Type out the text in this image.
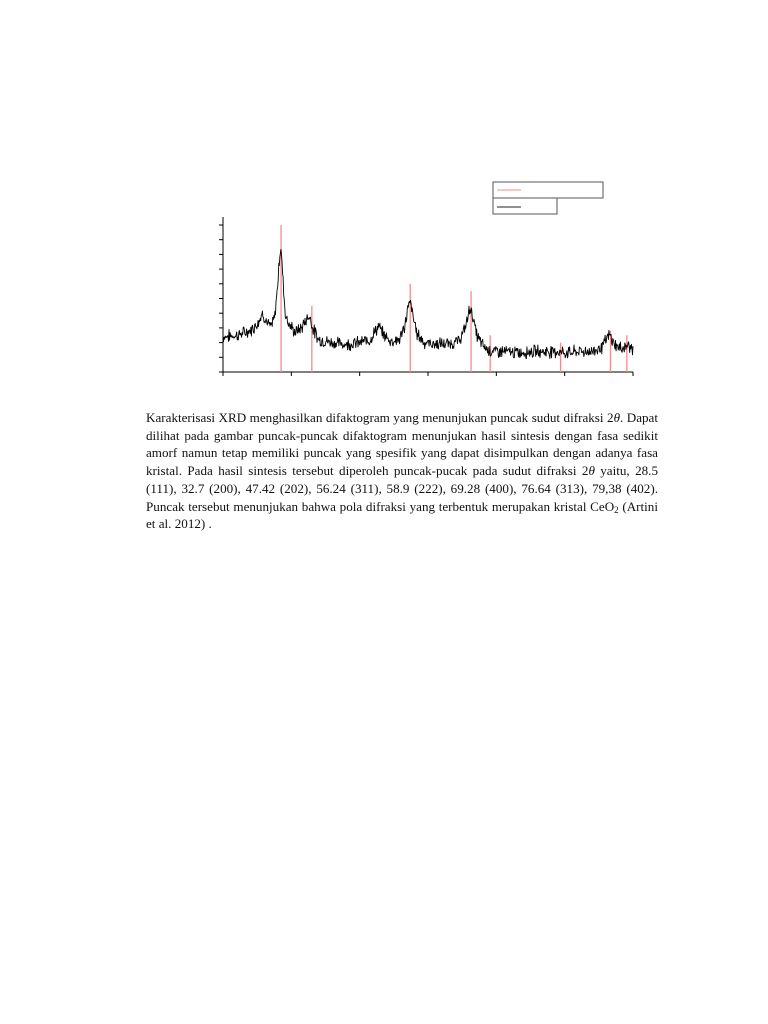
Karakterisasi XRD menghasilkan difaktogram yang menunjukan puncak sudut difraksi 2θ. Dapat dilihat pada gambar puncak-puncak difaktogram menunjukan hasil sintesis dengan fasa sedikit amorf namun tetap memiliki puncak yang spesifik yang dapat disimpulkan dengan adanya fasa kristal. Pada hasil sintesis tersebut diperoleh puncak-pucak pada sudut difraksi 2θ yaitu, 28.5 (111), 32.7 (200), 47.42 (202), 56.24 (311), 58.9 (222), 69.28 (400), 76.64 (313), 79,38 (402). Puncak tersebut menunjukan bahwa pola difraksi yang terbentuk merupakan kristal CeO$_2$ (Artini et al. 2012) .
